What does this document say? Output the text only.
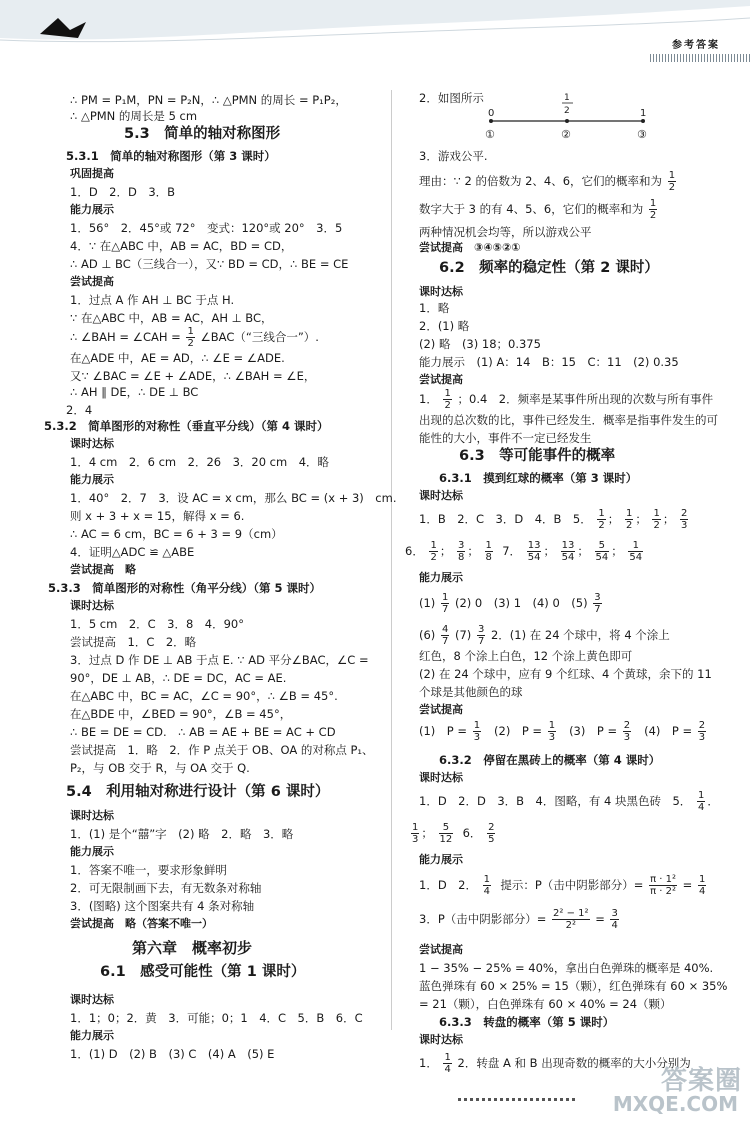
参考答案
∴ PM = P₁M，PN = P₂N，∴ △PMN 的周长 = P₁P₂，
∴ △PMN 的周长是 5 cm
5.3　简单的轴对称图形
5.3.1　简单的轴对称图形（第 3 课时）
巩固提高
1．D　2．D　3．B
能力展示
1．56°　2．45°或 72°　变式：120°或 20°　3．5
4．∵ 在△ABC 中，AB = AC，BD = CD，
∴ AD ⊥ BC（三线合一），又∵ BD = CD，∴ BE = CE
尝试提高
1．过点 A 作 AH ⊥ BC 于点 H.
∵ 在△ABC 中，AB = AC，AH ⊥ BC，
∴ ∠BAH = ∠CAH = $\frac{1}{2}$ ∠BAC（“三线合一”）.
在△ADE 中，AE = AD，∴ ∠E = ∠ADE.
又∵ ∠BAC = ∠E + ∠ADE，∴ ∠BAH = ∠E，
∴ AH ∥ DE，∴ DE ⊥ BC
2．4
5.3.2　简单图形的对称性（垂直平分线）（第 4 课时）
课时达标
1．4 cm　2．6 cm　2．26　3．20 cm　4．略
能力展示
1．40°　2．7　3．设 AC = x cm，那么 BC = (x + 3)　cm.
则 x + 3 + x = 15，解得 x = 6.
∴ AC = 6 cm，BC = 6 + 3 = 9（cm）
4．证明△ADC ≌ △ABE
尝试提高　略
5.3.3　简单图形的对称性（角平分线）（第 5 课时）
课时达标
1．5 cm　2．C　3．8　4．90°
尝试提高　1．C　2．略
3．过点 D 作 DE ⊥ AB 于点 E. ∵ AD 平分∠BAC，∠C =
90°，DE ⊥ AB，∴ DE = DC，AC = AE.
在△ABC 中，BC = AC，∠C = 90°，∴ ∠B = 45°.
在△BDE 中，∠BED = 90°，∠B = 45°，
∴ BE = DE = CD.　∴ AB = AE + BE = AC + CD
尝试提高　1．略　2．作 P 点关于 OB、OA 的对称点 P₁、
P₂，与 OB 交于 R，与 OA 交于 Q.
5.4　利用轴对称进行设计（第 6 课时）
课时达标
1．(1) 是个“囍”字　(2) 略　2．略　3．略
能力展示
1．答案不唯一，要求形象鲜明
2．可无限制画下去，有无数条对称轴
3．(图略) 这个图案共有 4 条对称轴
尝试提高　略（答案不唯一）
第六章　概率初步
6.1　感受可能性（第 1 课时）
课时达标
1．1；0；2．黄　3．可能；0；1　4．C　5．B　6．C
能力展示
1．(1) D　(2) B　(3) C　(4) A　(5) E
2．如图所示
0
1
2	1
①	②	③
3．游戏公平.
理由：∵ 2 的倍数为 2、4、6，它们的概率和为 $\frac{1}{2}$
数字大于 3 的有 4、5、6，它们的概率和为 $\frac{1}{2}$
两种情况机会均等，所以游戏公平
尝试提高　③④⑤②①
6.2　频率的稳定性（第 2 课时）
课时达标
1．略
2．(1) 略
(2) 略　(3) 18；0.375
能力展示　(1) A：14　B：15　C：11　(2) 0.35
尝试提高
1． $\frac{1}{2}$ ；0.4　2．频率是某事件所出现的次数与所有事件
出现的总次数的比，事件已经发生．概率是指事件发生的可
能性的大小，事件不一定已经发生
6.3　等可能事件的概率
6.3.1　摸到红球的概率（第 3 课时）
课时达标
1．B　2．C　3．D　4．B　5． $\frac{1}{2}$ ； $\frac{1}{2}$ ； $\frac{1}{2}$ ； $\frac{2}{3}$
6． $\frac{1}{2}$ ； $\frac{3}{8}$ ； $\frac{1}{8} 7$． $\frac{13}{54}$ ； $\frac{13}{54}$ ； $\frac{5}{54}$ ； $\frac{1}{54}$
能力展示
$(1) \frac{1}{7} (2)$ 0　(3) 1　(4) 0　$(5) \frac{3}{7}$
$(6) \frac{4}{7} (7) \frac{3}{7} 2$．(1) 在 24 个球中，将 4 个涂上
红色，8 个涂上白色，12 个涂上黄色即可
(2) 在 24 个球中，应有 9 个红球、4 个黄球，余下的 11
个球是其他颜色的球
尝试提高
(1)　$P = \frac{1}{3} (2)$　$P = \frac{1}{3} (3)$　$P = \frac{2}{3} (4)$　$P = \frac{2}{3}$
6.3.2　停留在黑砖上的概率（第 4 课时）
课时达标
1．D　2．D　3．B　4．图略，有 4 块黑色砖　5． $\frac{1}{4}$ ．
$\frac{1}{3}$ ； $\frac{5}{12} 6$． $\frac{2}{5}$
能力展示
1．D　2． $\frac{1}{4}$ 提示：P（击中阴影部分）= $\frac{\text{π · 1²}}{\text{π · 2²}} = \frac{1}{4}$
3．P（击中阴影部分）= $\frac{\text{2² − 1²}}{\text{2²}} = \frac{3}{4}$
尝试提高
1 − 35% − 25% = 40%，拿出白色弹珠的概率是 40%.
蓝色弹珠有 60 × 25% = 15（颗），红色弹珠有 60 × 35%
= 21（颗），白色弹珠有 60 × 40% = 24（颗）
6.3.3　转盘的概率（第 5 课时）
课时达标
1． $\frac{1}{4} 2$．转盘 A 和 B 出现奇数的概率的大小分别为
答案圈
MXQE.COM
